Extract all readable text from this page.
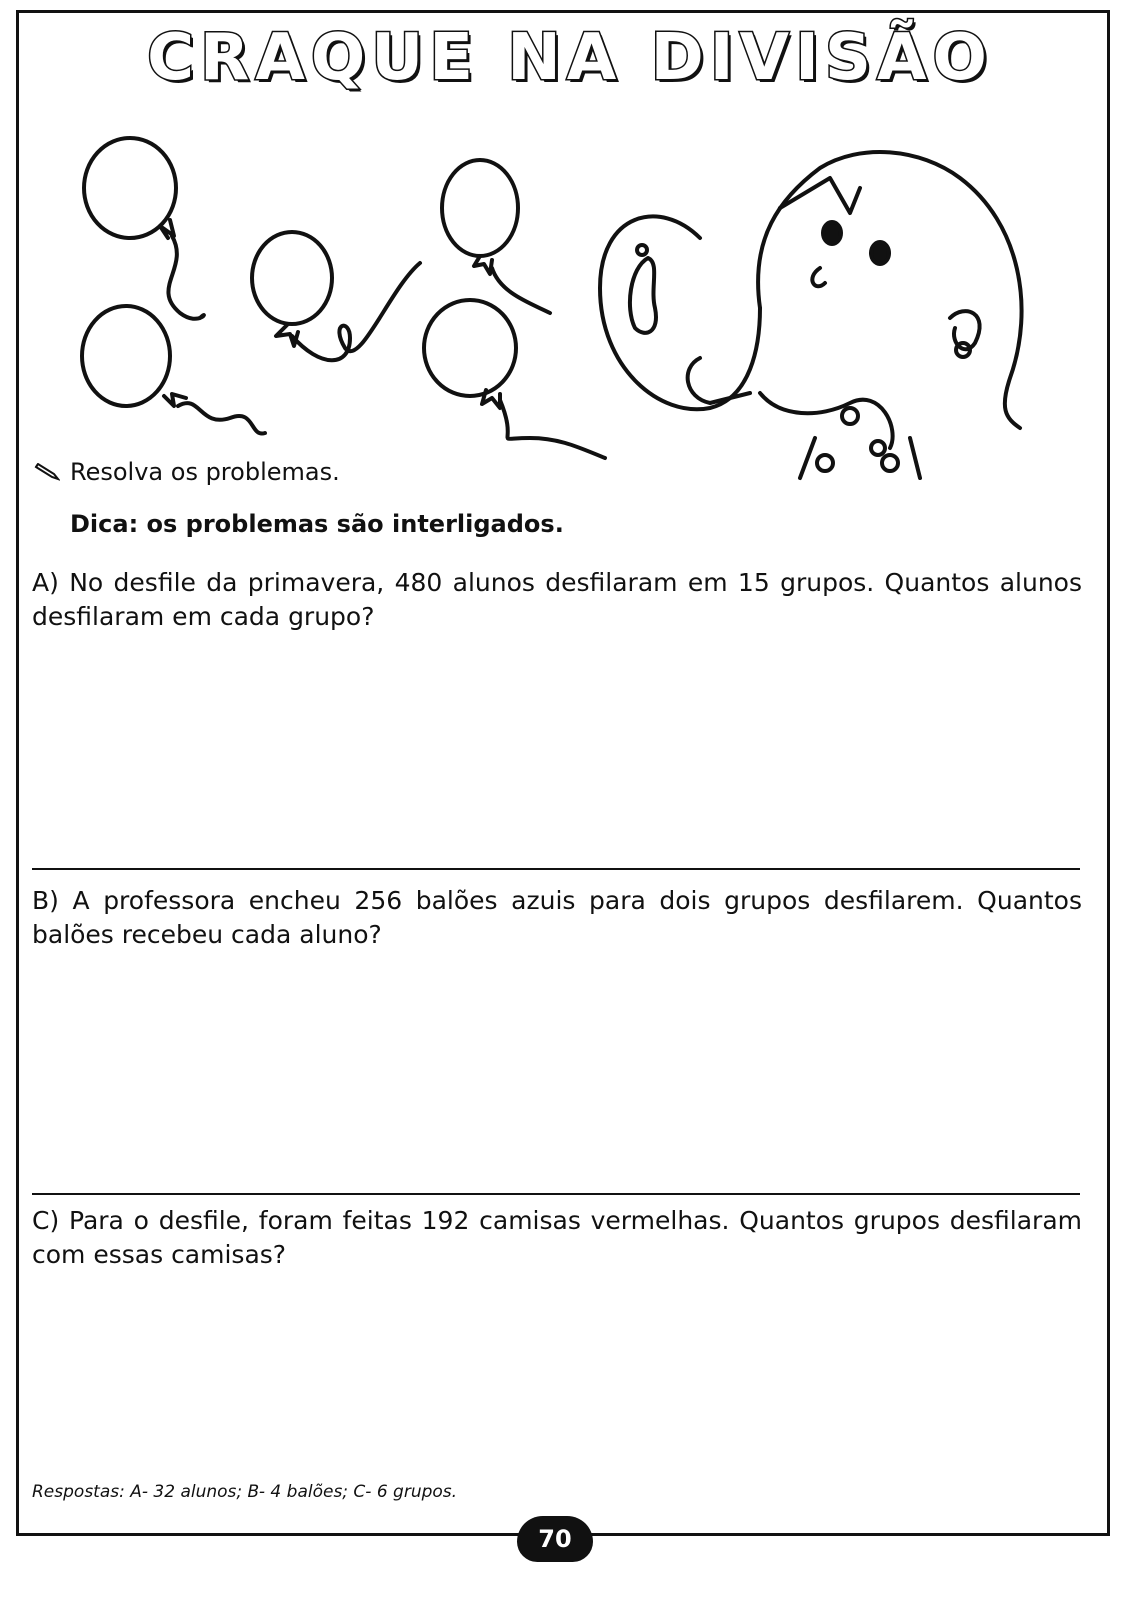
CRAQUE NA DIVISÃO
Resolva os problemas.
Dica: os problemas são interligados.
A) No desfile da primavera, 480 alunos desfilaram em 15 grupos. Quantos alunos desfilaram em cada grupo?
B) A professora encheu 256 balões azuis para dois grupos desfilarem. Quantos balões recebeu cada aluno?
C) Para o desfile, foram feitas 192 camisas vermelhas. Quantos grupos desfilaram com essas camisas?
Respostas: A- 32 alunos; B- 4 balões; C- 6 grupos.
70
